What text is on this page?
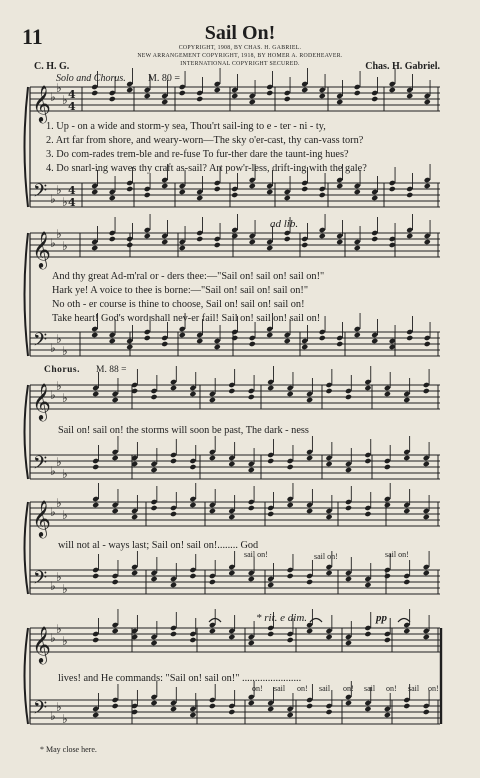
11	Sail On!
COPYRIGHT, 1908, BY CHAS. H. GABRIEL.
NEW ARRANGEMENT COPYRIGHT, 1918, BY HOMER A. RODEHEAVER.
INTERNATIONAL COPYRIGHT SECURED.
C. H. G.	Chas. H. Gabriel.
Solo and Chorus. M. 80 =
𝄞
𝄢
♭
♭
♭
♭
♭
♭
4
4
4
4
𝄞
𝄢
♭
♭
♭
♭
♭
♭
𝄞
𝄢
♭
♭
♭
♭
♭
♭
𝄞
𝄢
♭
♭
♭
♭
♭
♭
𝄞
𝄢
♭
♭
♭
♭
♭
♭
1. Up - on a wide and storm-y sea, Thou'rt sail-ing to e - ter - ni - ty,
2. Art far from shore, and weary-worn—The sky o'er-cast, thy can-vass torn?
3. Do com-rades trem-ble and re-fuse To fur-ther dare the taunt-ing hues?
4. Do snarl-ing waves thy craft as-sail? Art pow'r-less, drift-ing with the gale?
ad lib.
And thy great Ad-m'ral or - ders thee:—"Sail on! sail on! sail on!"
Hark ye! A voice to thee is borne:—"Sail on! sail on! sail on!"
No oth - er course is thine to choose, Sail on! sail on! sail on!
Take heart! God's word shall nev-er fail! Sail on! sail on! sail on!
Chorus. M. 88 =
Sail on! sail on! the storms will soon be past, The dark - ness
will not al - ways last; Sail on! sail on!........ God
sail on!	sail on!	sail on!
* rit. e dim.	pp
lives! and He commands: "Sail on! sail on!" .......................
on! sail on! sail on! sail on! sail on!
* May close here.
